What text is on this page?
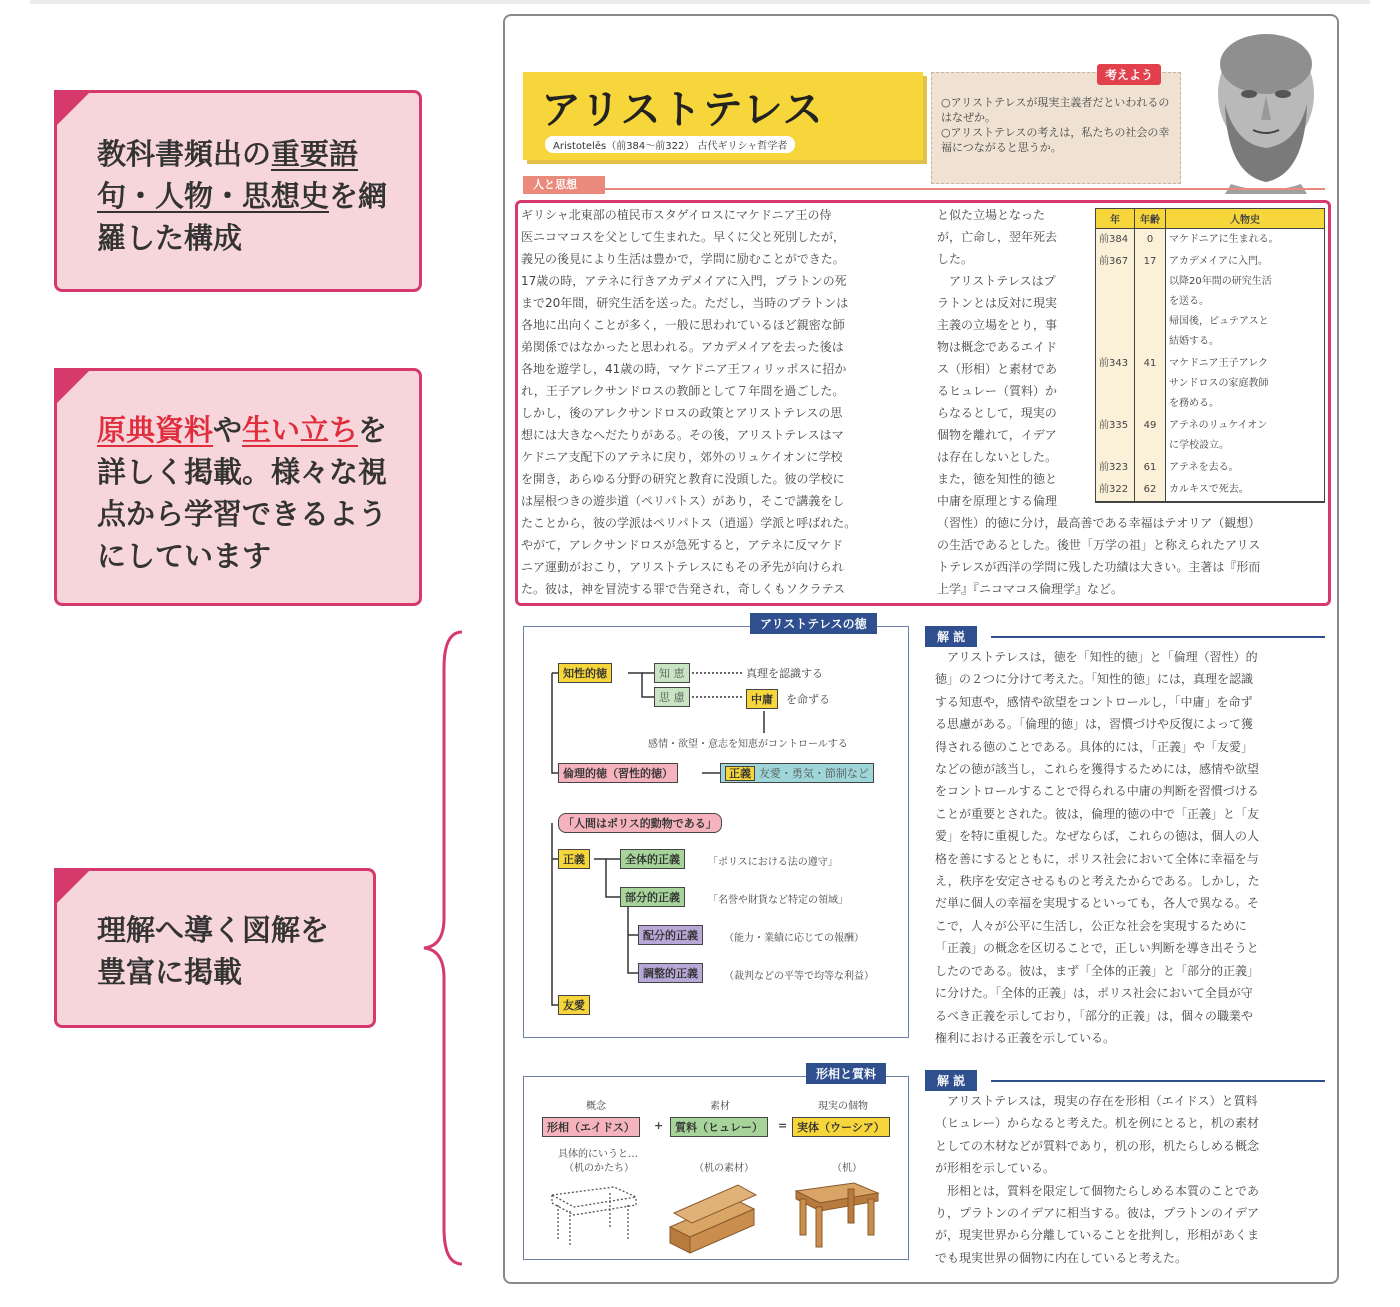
教科書頻出の重要語句・人物・思想史を網羅した構成
原典資料や生い立ちを詳しく掲載。様々な視点から学習できるようにしています
理解へ導く図解を豊富に掲載
アリストテレス
Aristotelēs（前384〜前322） 古代ギリシャ哲学者
考えよう
○アリストテレスが現実主義者だといわれるのはなぜか。
○アリストテレスの考えは，私たちの社会の幸福につながると思うか。
人と思想
ギリシャ北東部の植民市スタゲイロスにマケドニア王の侍
医ニコマコスを父として生まれた。早くに父と死別したが，
義兄の後見により生活は豊かで，学問に励むことができた。
17歳の時，アテネに行きアカデメイアに入門，プラトンの死
まで20年間，研究生活を送った。ただし，当時のプラトンは
各地に出向くことが多く，一般に思われているほど親密な師
弟関係ではなかったと思われる。アカデメイアを去った後は
各地を遊学し，41歳の時，マケドニア王フィリッポスに招か
れ，王子アレクサンドロスの教師として７年間を過ごした。
しかし，後のアレクサンドロスの政策とアリストテレスの思
想には大きなへだたりがある。その後，アリストテレスはマ
ケドニア支配下のアテネに戻り，郊外のリュケイオンに学校
を開き，あらゆる分野の研究と教育に没頭した。彼の学校に
は屋根つきの遊歩道（ペリパトス）があり，そこで講義をし
たことから，彼の学派はペリパトス（逍遥）学派と呼ばれた。
やがて，アレクサンドロスが急死すると，アテネに反マケド
ニア運動がおこり，アリストテレスにもその矛先が向けられ
た。彼は，神を冒涜する罪で告発され，奇しくもソクラテス
と似た立場となった
が，亡命し，翌年死去
した。
　アリストテレスはプ
ラトンとは反対に現実
主義の立場をとり，事
物は概念であるエイド
ス（形相）と素材であ
るヒュレー（質料）か
らなるとして，現実の
個物を離れて，イデア
は存在しないとした。
また，徳を知性的徳と
中庸を原理とする倫理
（習性）的徳に分け，最高善である幸福はテオリア（観想）
の生活であるとした。後世「万学の祖」と称えられたアリス
トテレスが西洋の学問に残した功績は大きい。主著は『形而
上学』『ニコマコス倫理学』など。
年	年齢	人物史
前384	0	マケドニアに生まれる。

前367	17	アカデメイアに入門。
以降20年間の研究生活
を送る。
帰国後，ピュテアスと
結婚する。

前343	41	マケドニア王子アレク
サンドロスの家庭教師
を務める。

前335	49	アテネのリュケイオン
に学校設立。

前323	61	アテネを去る。

前322	62	カルキスで死去。
アリストテレスの徳
知性的徳	知 恵
思 慮
真理を認識する
中庸	を命ずる
感情・欲望・意志を知恵がコントロールする
倫理的徳（習性的徳）	正義 友愛・勇気・節制など
「人間はポリス的動物である」
正義	全体的正義	「ポリスにおける法の遵守」
部分的正義	「名誉や財貨など特定の領域」
配分的正義	（能力・業績に応じての報酬）
調整的正義	（裁判などの平等で均等な利益）
友愛
解 説
　アリストテレスは，徳を「知性的徳」と「倫理（習性）的
徳」の２つに分けて考えた。「知性的徳」には，真理を認識
する知恵や，感情や欲望をコントロールし，「中庸」を命ず
る思慮がある。「倫理的徳」は，習慣づけや反復によって獲
得される徳のことである。具体的には，「正義」や「友愛」
などの徳が該当し，これらを獲得するためには，感情や欲望
をコントロールすることで得られる中庸の判断を習慣づける
ことが重要とされた。彼は，倫理的徳の中で「正義」と「友
愛」を特に重視した。なぜならば，これらの徳は，個人の人
格を善にするとともに，ポリス社会において全体に幸福を与
え，秩序を安定させるものと考えたからである。しかし，た
だ単に個人の幸福を実現するといっても，各人で異なる。そ
こで，人々が公平に生活し，公正な社会を実現するために
「正義」の概念を区切ることで，正しい判断を導き出そうと
したのである。彼は，まず「全体的正義」と「部分的正義」
に分けた。「全体的正義」は，ポリス社会において全員が守
るべき正義を示しており，「部分的正義」は，個々の職業や
権利における正義を示している。
形相と質料
概念	素材	現実の個物
形相（エイドス）	+	質料（ヒュレー）	= 実体（ウーシア）
具体的にいうと…
（机のかたち）	（机の素材）	（机）
解 説
　アリストテレスは，現実の存在を形相（エイドス）と質料
（ヒュレー）からなると考えた。机を例にとると，机の素材
としての木材などが質料であり，机の形，机たらしめる概念
が形相を示している。
　形相とは，質料を限定して個物たらしめる本質のことであ
り，プラトンのイデアに相当する。彼は，プラトンのイデア
が，現実世界から分離していることを批判し，形相があくま
でも現実世界の個物に内在していると考えた。
